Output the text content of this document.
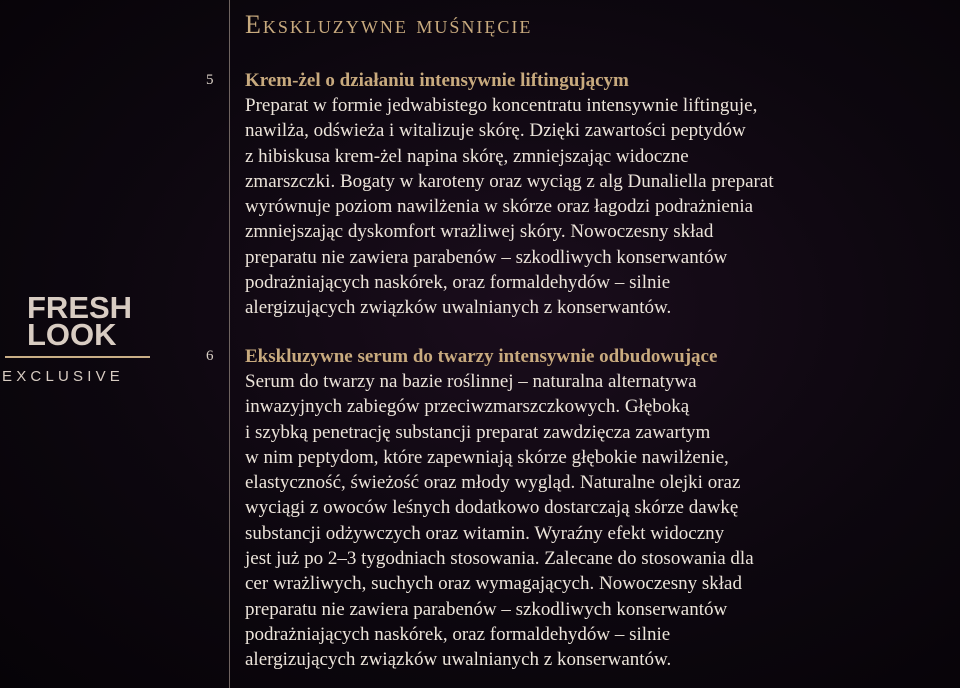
FRESH
LOOK
EXCLUSIVE
Ekskluzywne muśnięcie
5 Krem-żel o działaniu intensywnie liftingującym
Preparat w formie jedwabistego koncentratu intensywnie liftinguje,
nawilża, odświeża i witalizuje skórę. Dzięki zawartości peptydów
z hibiskusa krem-żel napina skórę, zmniejszając widoczne
zmarszczki. Bogaty w karoteny oraz wyciąg z alg Dunaliella preparat
wyrównuje poziom nawilżenia w skórze oraz łagodzi podrażnienia
zmniejszając dyskomfort wrażliwej skóry. Nowoczesny skład
preparatu nie zawiera parabenów – szkodliwych konserwantów
podrażniających naskórek, oraz formaldehydów – silnie
alergizujących związków uwalnianych z konserwantów.
6 Ekskluzywne serum do twarzy intensywnie odbudowujące
Serum do twarzy na bazie roślinnej – naturalna alternatywa
inwazyjnych zabiegów przeciwzmarszczkowych. Głęboką
i szybką penetrację substancji preparat zawdzięcza zawartym
w nim peptydom, które zapewniają skórze głębokie nawilżenie,
elastyczność, świeżość oraz młody wygląd. Naturalne olejki oraz
wyciągi z owoców leśnych dodatkowo dostarczają skórze dawkę
substancji odżywczych oraz witamin. Wyraźny efekt widoczny
jest już po 2–3 tygodniach stosowania. Zalecane do stosowania dla
cer wrażliwych, suchych oraz wymagających. Nowoczesny skład
preparatu nie zawiera parabenów – szkodliwych konserwantów
podrażniających naskórek, oraz formaldehydów – silnie
alergizujących związków uwalnianych z konserwantów.
